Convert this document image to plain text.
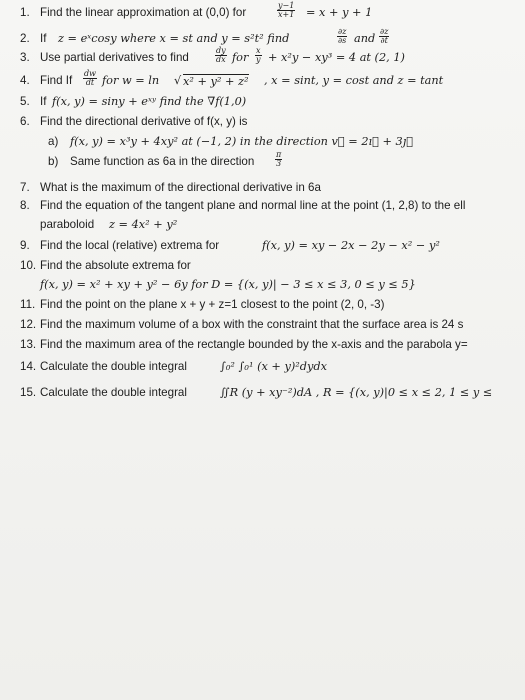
1. Find the linear approximation at (0,0) for	$\frac{y-1}{x+1} = x + y + 1$
2. If z = eˣcosy where x = st and y = s²t² find	$\frac{\partial z}{\partial s}$ and $\frac{\partial z}{\partial t}$
3. Use partial derivatives to find	$\frac{dy}{dx}$ for $\frac{x}{y} + x^2y - xy^3 = 4$ at (2, 1)
4. Find If $\frac{dw}{dt}$ for w = ln √ x² + y² + z² , x = sint, y = cost and z = tant
5. If f(x, y) = siny + eˣʸ find the ∇f(1,0)
6. Find the directional derivative of f(x, y) is
a) f(x, y) = x³y + 4xy² at (−1, 2) in the direction v⃗ = 2ı⃗ + 3ȷ⃗
b) Same function as 6a in the direction	$\frac{\pi}{3}$
7. What is the maximum of the directional derivative in 6a
8. Find the equation of the tangent plane and normal line at the point (1, 2,8) to the ell
paraboloid z = 4x² + y²
9. Find the local (relative) extrema for	f(x, y) = xy − 2x − 2y − x² − y²
10. Find the absolute extrema for
f(x, y) = x² + xy + y² − 6y for D = {(x, y)| − 3 ≤ x ≤ 3, 0 ≤ y ≤ 5}
11. Find the point on the plane x + y + z=1 closest to the point (2, 0, -3)
12. Find the maximum volume of a box with the constraint that the surface area is 24 s
13. Find the maximum area of the rectangle bounded by the x-axis and the parabola y=
14. Calculate the double integral	∫₀² ∫₀¹ (x + y)²dydx
15. Calculate the double integral	∬R (y + xy⁻²)dA , R = {(x, y)|0 ≤ x ≤ 2, 1 ≤ y ≤
